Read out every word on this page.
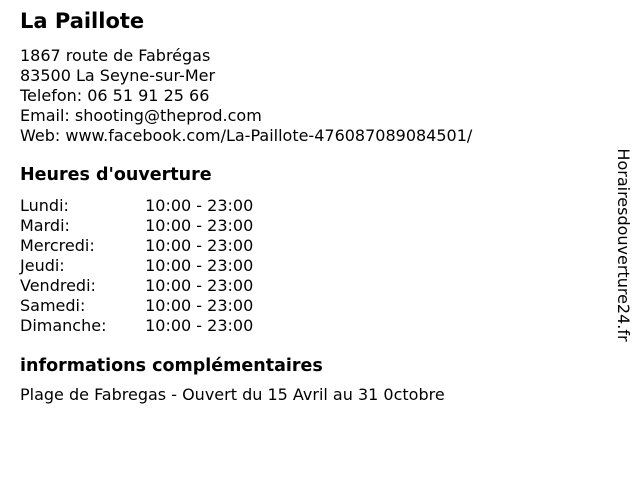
La Paillote
1867 route de Fabrégas
83500 La Seyne-sur-Mer
Telefon: 06 51 91 25 66
Email: shooting@theprod.com
Web: www.facebook.com/La-Paillote-476087089084501/
Heures d'ouverture
Lundi:	10:00 - 23:00
Mardi:	10:00 - 23:00
Mercredi:	10:00 - 23:00
Jeudi:	10:00 - 23:00
Vendredi:	10:00 - 23:00
Samedi:	10:00 - 23:00
Dimanche: 10:00 - 23:00
informations complémentaires
Plage de Fabregas - Ouvert du 15 Avril au 31 0ctobre
Horairesdouverture24.fr
